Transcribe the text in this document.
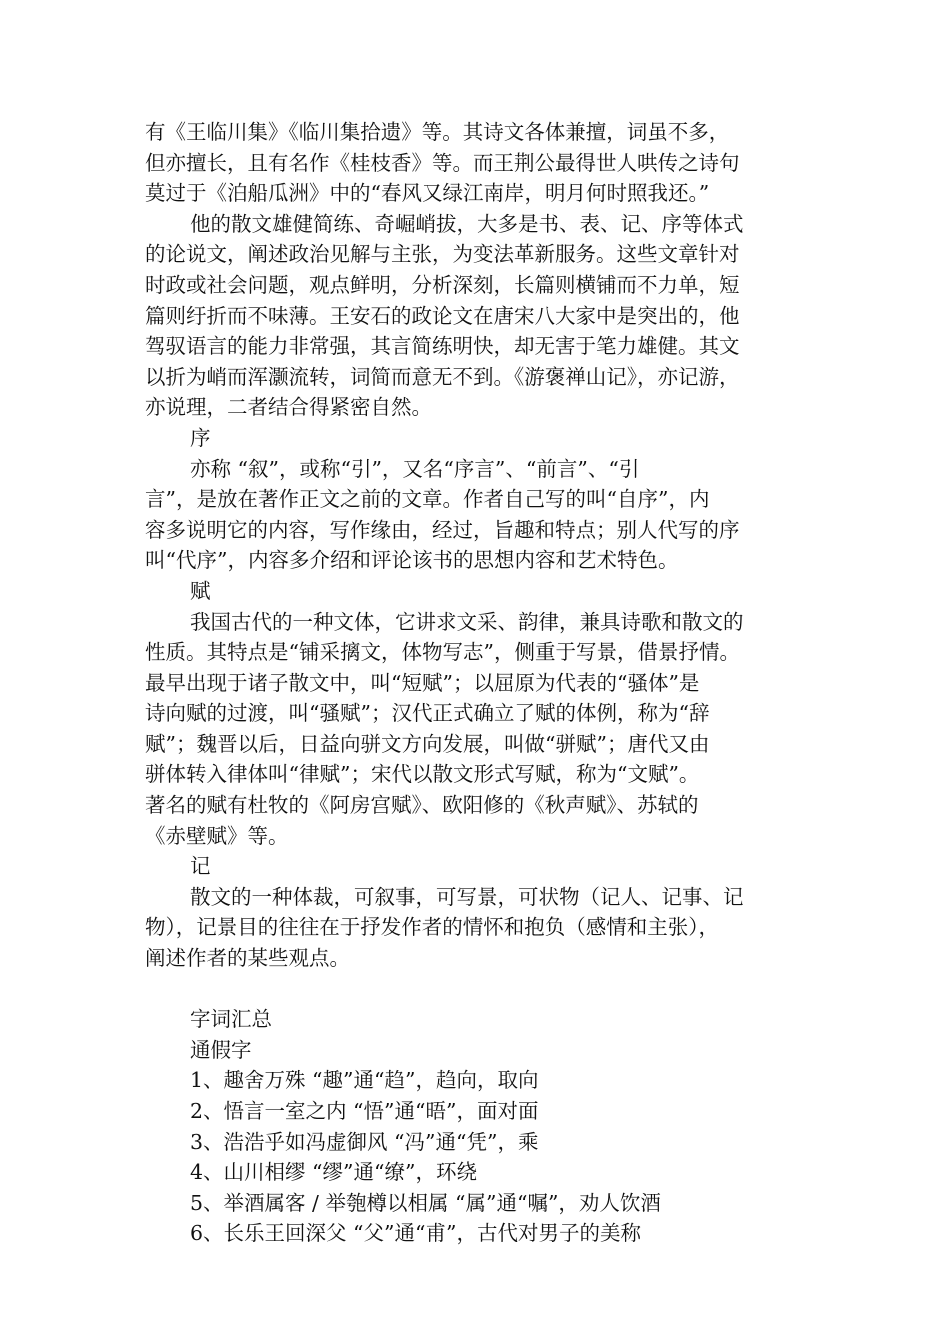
有《王临川集》《临川集拾遗》等。其诗文各体兼擅，词虽不多，
但亦擅长，且有名作《桂枝香》等。而王荆公最得世人哄传之诗句
莫过于《泊船瓜洲》中的“春风又绿江南岸，明月何时照我还。”
他的散文雄健简练、奇崛峭拔，大多是书、表、记、序等体式
的论说文，阐述政治见解与主张，为变法革新服务。这些文章针对
时政或社会问题，观点鲜明，分析深刻，长篇则横铺而不力单，短
篇则纡折而不味薄。王安石的政论文在唐宋八大家中是突出的，他
驾驭语言的能力非常强，其言简练明快，却无害于笔力雄健。其文
以折为峭而浑灏流转，词简而意无不到。《游褒禅山记》，亦记游，
亦说理，二者结合得紧密自然。
序
亦称 “叙”，或称“引”，又名“序言”、“前言”、“引
言”，是放在著作正文之前的文章。作者自己写的叫“自序”，内
容多说明它的内容，写作缘由，经过，旨趣和特点；别人代写的序
叫“代序”，内容多介绍和评论该书的思想内容和艺术特色。
赋
我国古代的一种文体，它讲求文采、韵律，兼具诗歌和散文的
性质。其特点是“铺采摛文，体物写志”，侧重于写景，借景抒情。
最早出现于诸子散文中，叫“短赋”；以屈原为代表的“骚体”是
诗向赋的过渡，叫“骚赋”；汉代正式确立了赋的体例，称为“辞
赋”；魏晋以后，日益向骈文方向发展，叫做“骈赋”；唐代又由
骈体转入律体叫“律赋”；宋代以散文形式写赋，称为“文赋”。
著名的赋有杜牧的《阿房宫赋》、欧阳修的《秋声赋》、苏轼的
《赤壁赋》等。
记
散文的一种体裁，可叙事，可写景，可状物（记人、记事、记
物），记景目的往往在于抒发作者的情怀和抱负（感情和主张），
阐述作者的某些观点。
字词汇总
通假字
1、趣舍万殊 “趣”通“趋”，趋向，取向
2、悟言一室之内 “悟”通“晤”，面对面
3、浩浩乎如冯虚御风 “冯”通“凭”，乘
4、山川相缪 “缪”通“缭”，环绕
5、举酒属客 / 举匏樽以相属 “属”通“嘱”，劝人饮酒
6、长乐王回深父 “父”通“甫”，古代对男子的美称
